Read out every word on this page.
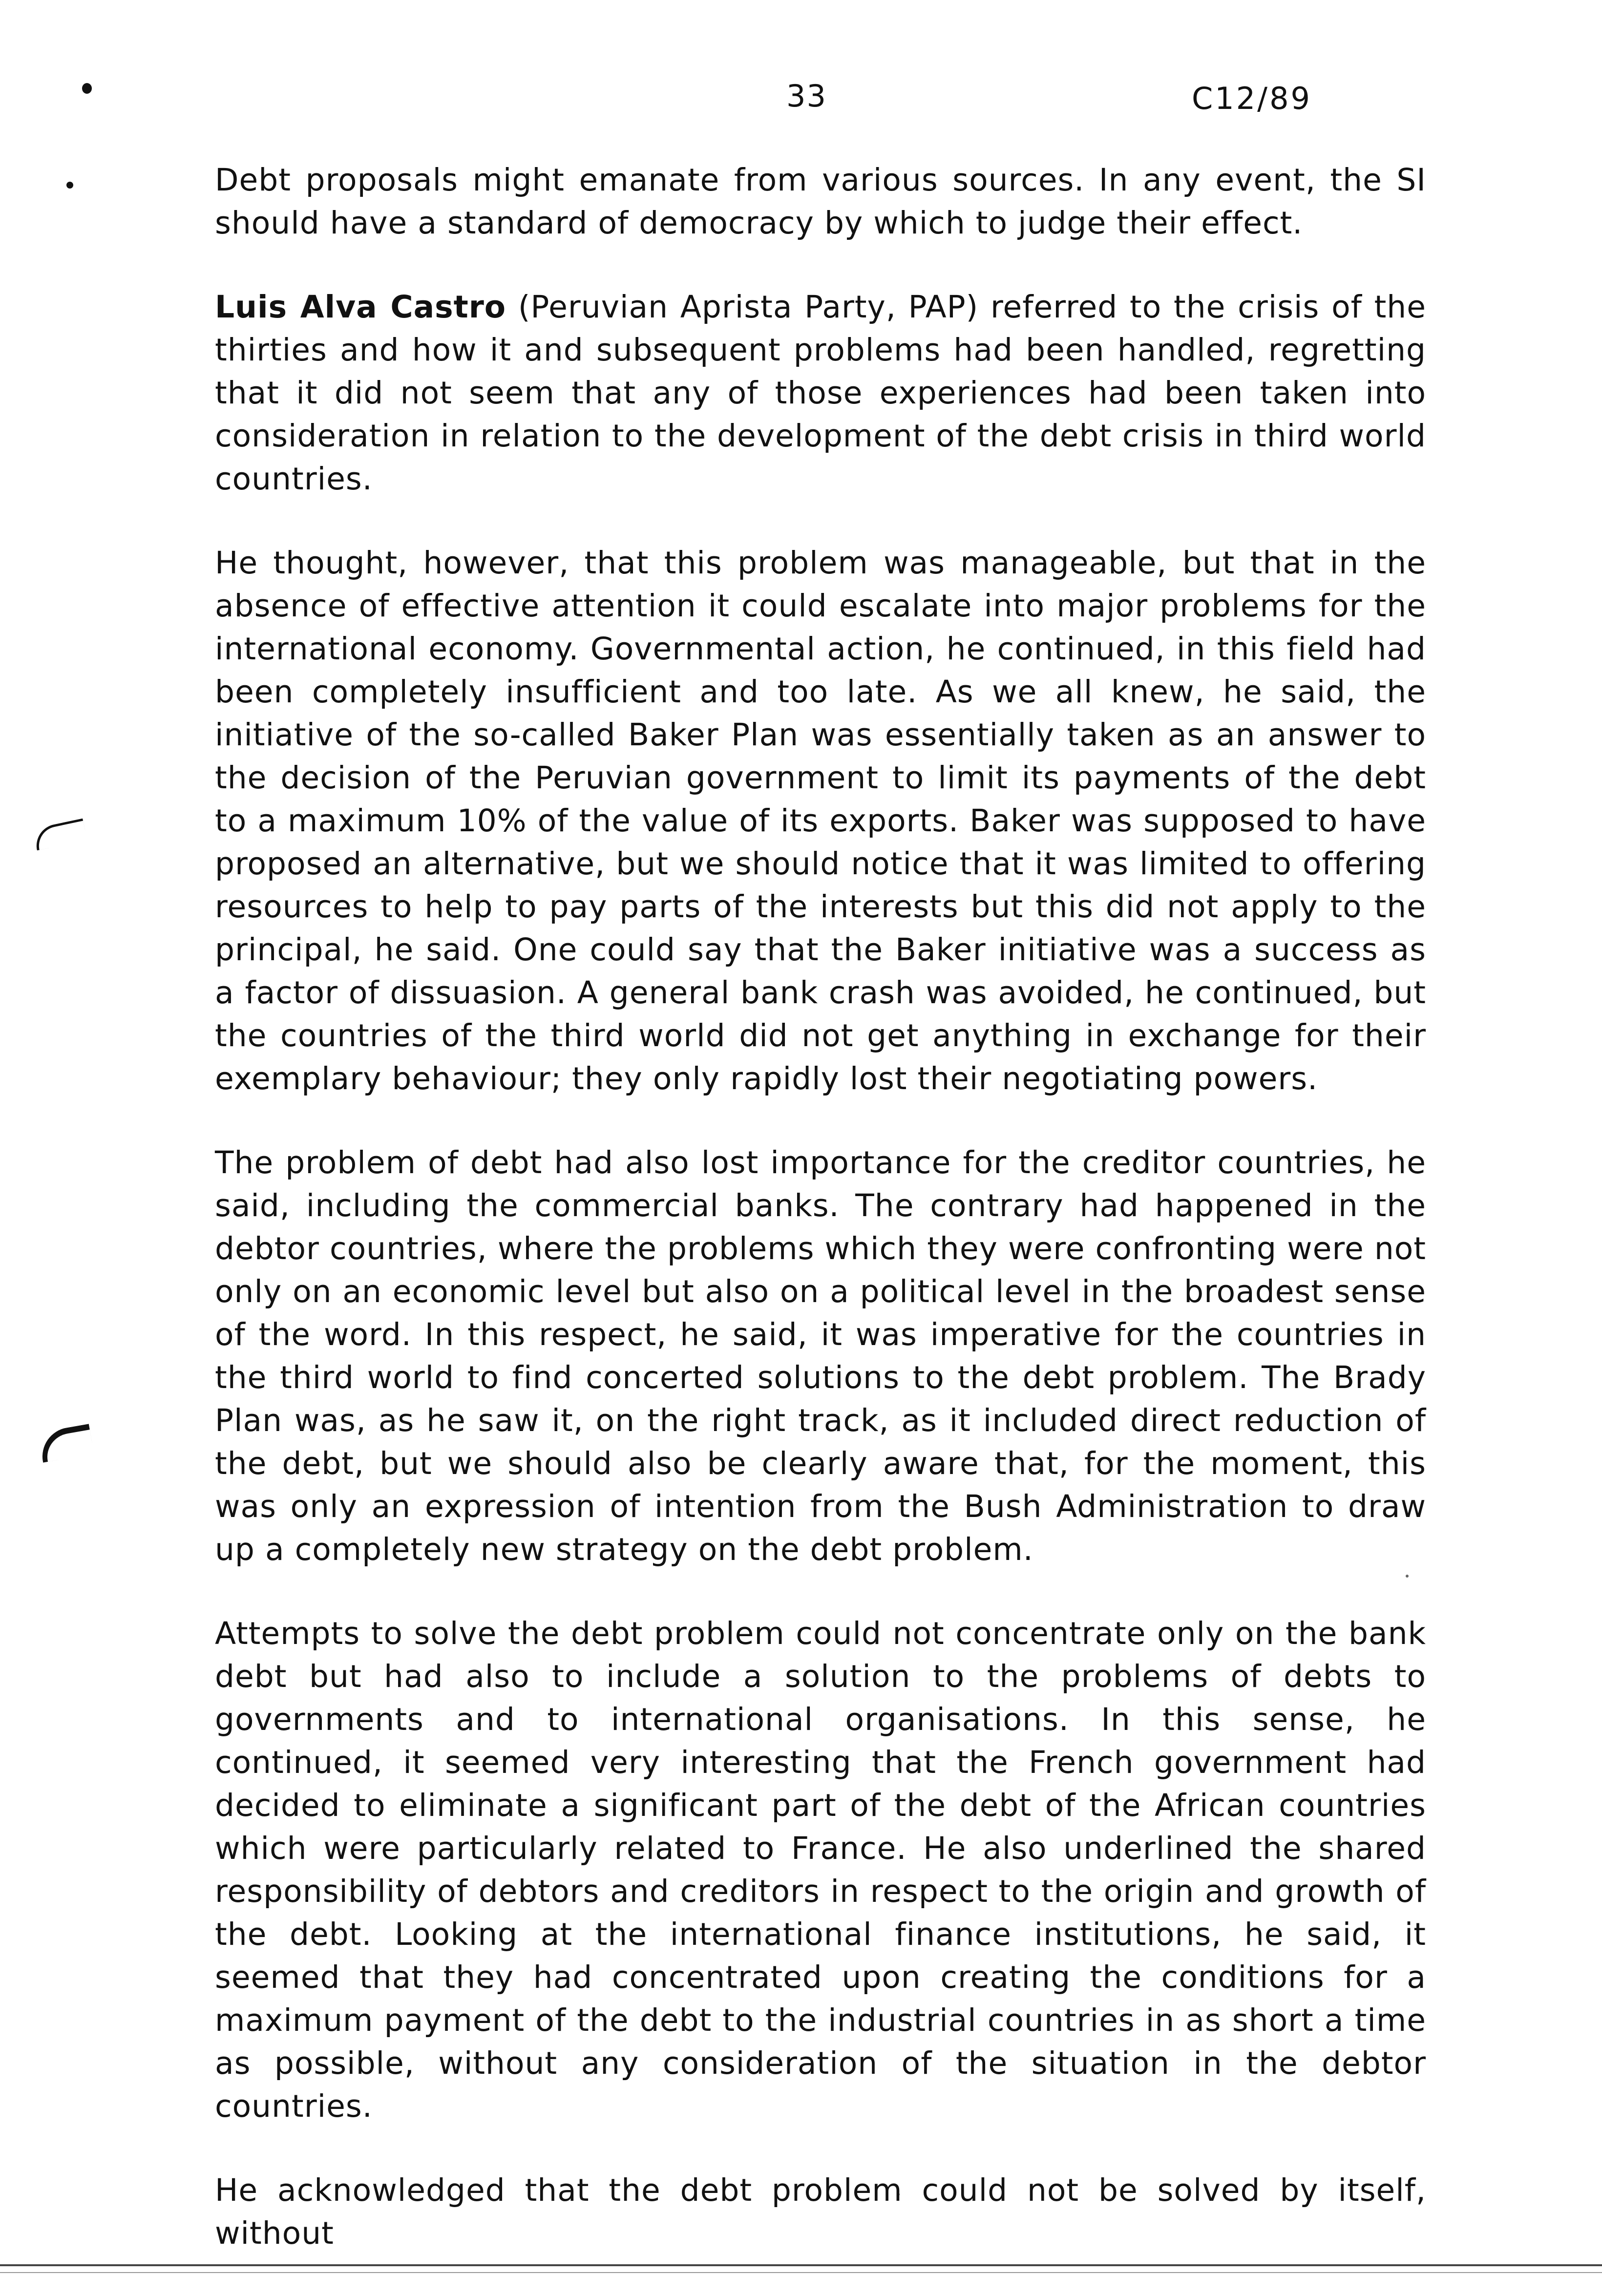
33	C12/89

Debt proposals might emanate from various sources. In any event, the SI should have a standard of democracy by which to judge their effect.

Luis Alva Castro (Peruvian Aprista Party, PAP) referred to the crisis of the thirties and how it and subsequent problems had been handled, regretting that it did not seem that any of those experiences had been taken into consideration in relation to the development of the debt crisis in third world countries.

He thought, however, that this problem was manageable, but that in the absence of effective attention it could escalate into major problems for the international economy. Governmental action, he continued, in this field had been completely insufficient and too late. As we all knew, he said, the initiative of the so-called Baker Plan was essentially taken as an answer to the decision of the Peruvian government to limit its payments of the debt to a maximum 10% of the value of its exports. Baker was supposed to have proposed an alternative, but we should notice that it was limited to offering resources to help to pay parts of the interests but this did not apply to the principal, he said. One could say that the Baker initiative was a success as a factor of dissuasion. A general bank crash was avoided, he continued, but the countries of the third world did not get anything in exchange for their exemplary behaviour; they only rapidly lost their negotiating powers.

The problem of debt had also lost importance for the creditor countries, he said, including the commercial banks. The contrary had happened in the debtor countries, where the problems which they were confronting were not only on an economic level but also on a political level in the broadest sense of the word. In this respect, he said, it was imperative for the countries in the third world to find concerted solutions to the debt problem. The Brady Plan was, as he saw it, on the right track, as it included direct reduction of the debt, but we should also be clearly aware that, for the moment, this was only an expression of intention from the Bush Administration to draw up a completely new strategy on the debt problem.

Attempts to solve the debt problem could not concentrate only on the bank debt but had also to include a solution to the problems of debts to governments and to international organisations. In this sense, he continued, it seemed very interesting that the French government had decided to eliminate a significant part of the debt of the African countries which were particularly related to France. He also underlined the shared responsibility of debtors and creditors in respect to the origin and growth of the debt. Looking at the international finance institutions, he said, it seemed that they had concentrated upon creating the conditions for a maximum payment of the debt to the industrial countries in as short a time as possible, without any consideration of the situation in the debtor countries.

He acknowledged that the debt problem could not be solved by itself, without
